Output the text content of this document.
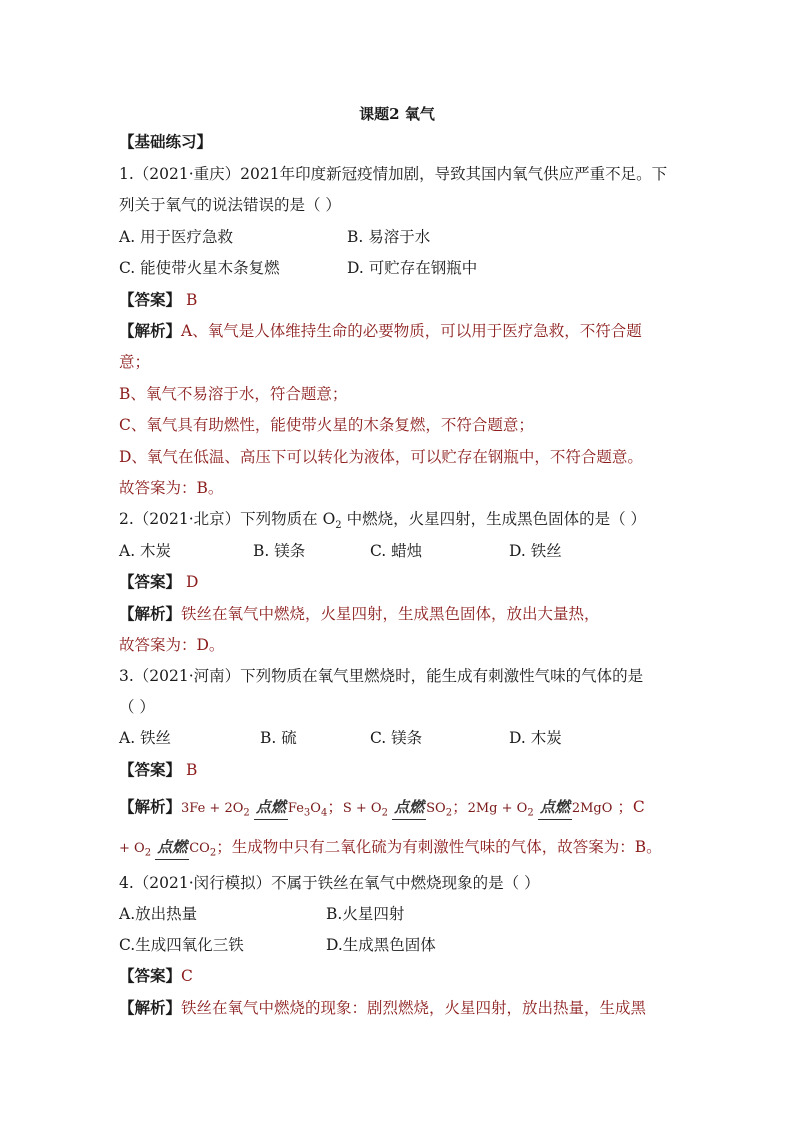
课题2 氧气
【基础练习】
1.（2021·重庆）2021年印度新冠疫情加剧，导致其国内氧气供应严重不足。下
列关于氧气的说法错误的是（ ）
A. 用于医疗急救	B. 易溶于水
C. 能使带火星木条复燃	D. 可贮存在钢瓶中
【答案】 B
【解析】A、氧气是人体维持生命的必要物质，可以用于医疗急救，不符合题
意；
B、氧气不易溶于水，符合题意；
C、氧气具有助燃性，能使带火星的木条复燃，不符合题意；
D、氧气在低温、高压下可以转化为液体，可以贮存在钢瓶中，不符合题意。
故答案为：B。
2.（2021·北京）下列物质在 $O_2$ 中燃烧，火星四射，生成黑色固体的是（ ）
A. 木炭	B. 镁条	C. 蜡烛	D. 铁丝
【答案】 D
【解析】铁丝在氧气中燃烧，火星四射，生成黑色固体，放出大量热，
故答案为：D。
3.（2021·河南）下列物质在氧气里燃烧时，能生成有刺激性气味的气体的是
（ ）
A. 铁丝	B. 硫	C. 镁条	D. 木炭
【答案】 B
【解析】$3Fe + 2O_2$ 点燃 $Fe_3O_4$；$S + O_2$ 点燃 $SO_2$；$2Mg + O_2$ 点燃 2MgO ；C
+ $O_2$ 点燃 $CO_2$；生成物中只有二氧化硫为有刺激性气味的气体，故答案为：B。
4.（2021·闵行模拟）不属于铁丝在氧气中燃烧现象的是（ ）
A.放出热量	B.火星四射
C.生成四氧化三铁	D.生成黑色固体
【答案】C
【解析】铁丝在氧气中燃烧的现象：剧烈燃烧，火星四射，放出热量，生成黑
